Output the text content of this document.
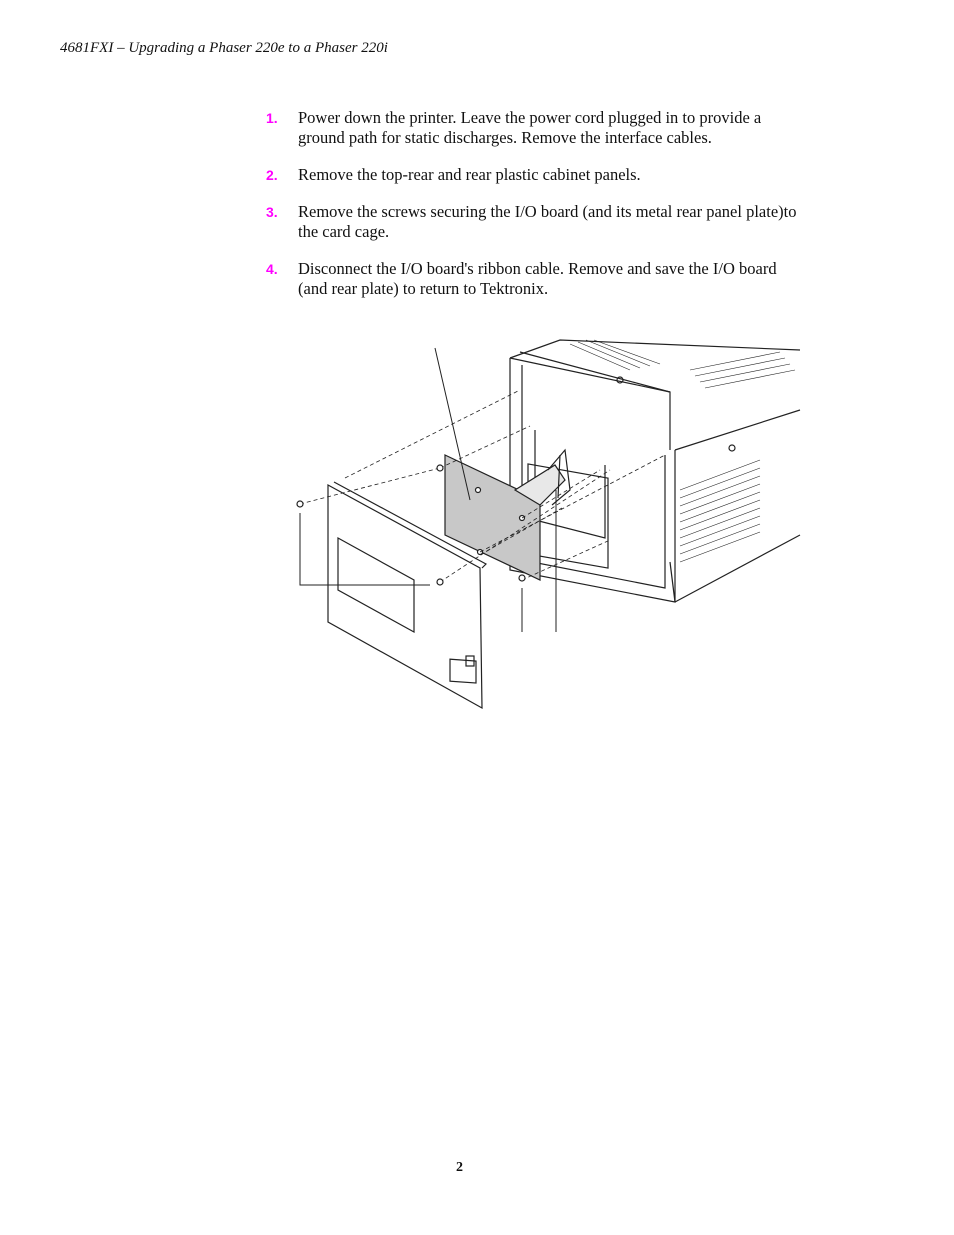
4681FXI – Upgrading a Phaser 220e to a Phaser 220i
1.	Power down the printer. Leave the power cord plugged in to provide a ground path for static discharges. Remove the interface cables.
2.	Remove the top-rear and rear plastic cabinet panels.
3.	Remove the screws securing the I/O board (and its metal rear panel plate)to the card cage.
4.	Disconnect the I/O board's ribbon cable. Remove and save the I/O board (and rear plate) to return to Tektronix.
2
